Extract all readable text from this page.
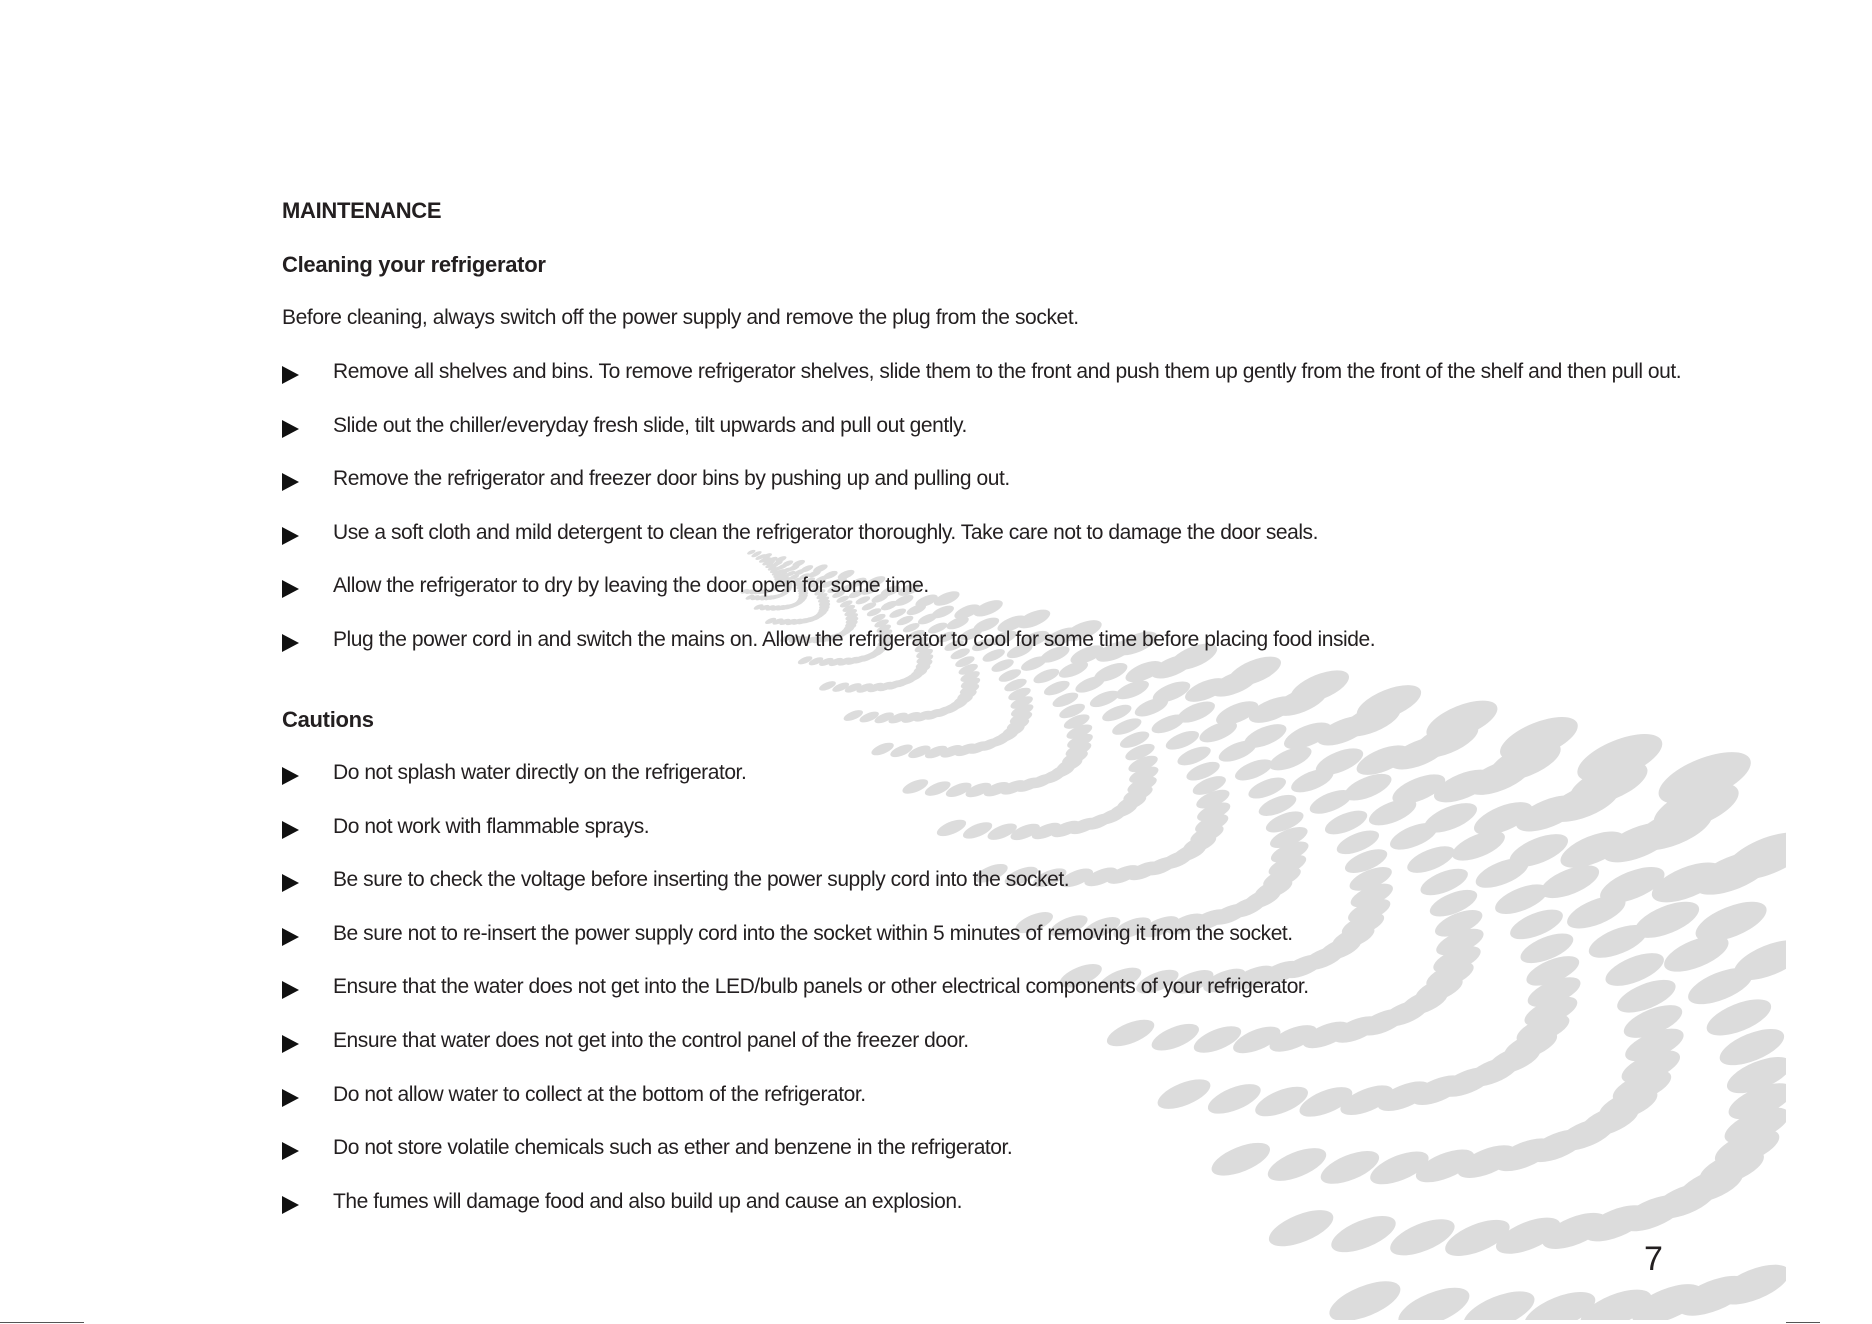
MAINTENANCE
Cleaning your refrigerator
Before cleaning, always switch off the power supply and remove the plug from the socket.
Remove all shelves and bins. To remove refrigerator shelves, slide them to the front and push them up gently from the front of the shelf and then pull out.
Slide out the chiller/everyday fresh slide, tilt upwards and pull out gently.
Remove the refrigerator and freezer door bins by pushing up and pulling out.
Use a soft cloth and mild detergent to clean the refrigerator thoroughly. Take care not to damage the door seals.
Allow the refrigerator to dry by leaving the door open for some time.
Plug the power cord in and switch the mains on. Allow the refrigerator to cool for some time before placing food inside.
Cautions
Do not splash water directly on the refrigerator.
Do not work with flammable sprays.
Be sure to check the voltage before inserting the power supply cord into the socket.
Be sure not to re-insert the power supply cord into the socket within 5 minutes of removing it from the socket.
Ensure that the water does not get into the LED/bulb panels or other electrical components of your refrigerator.
Ensure that water does not get into the control panel of the freezer door.
Do not allow water to collect at the bottom of the refrigerator.
Do not store volatile chemicals such as ether and benzene in the refrigerator.
The fumes will damage food and also build up and cause an explosion.
7
